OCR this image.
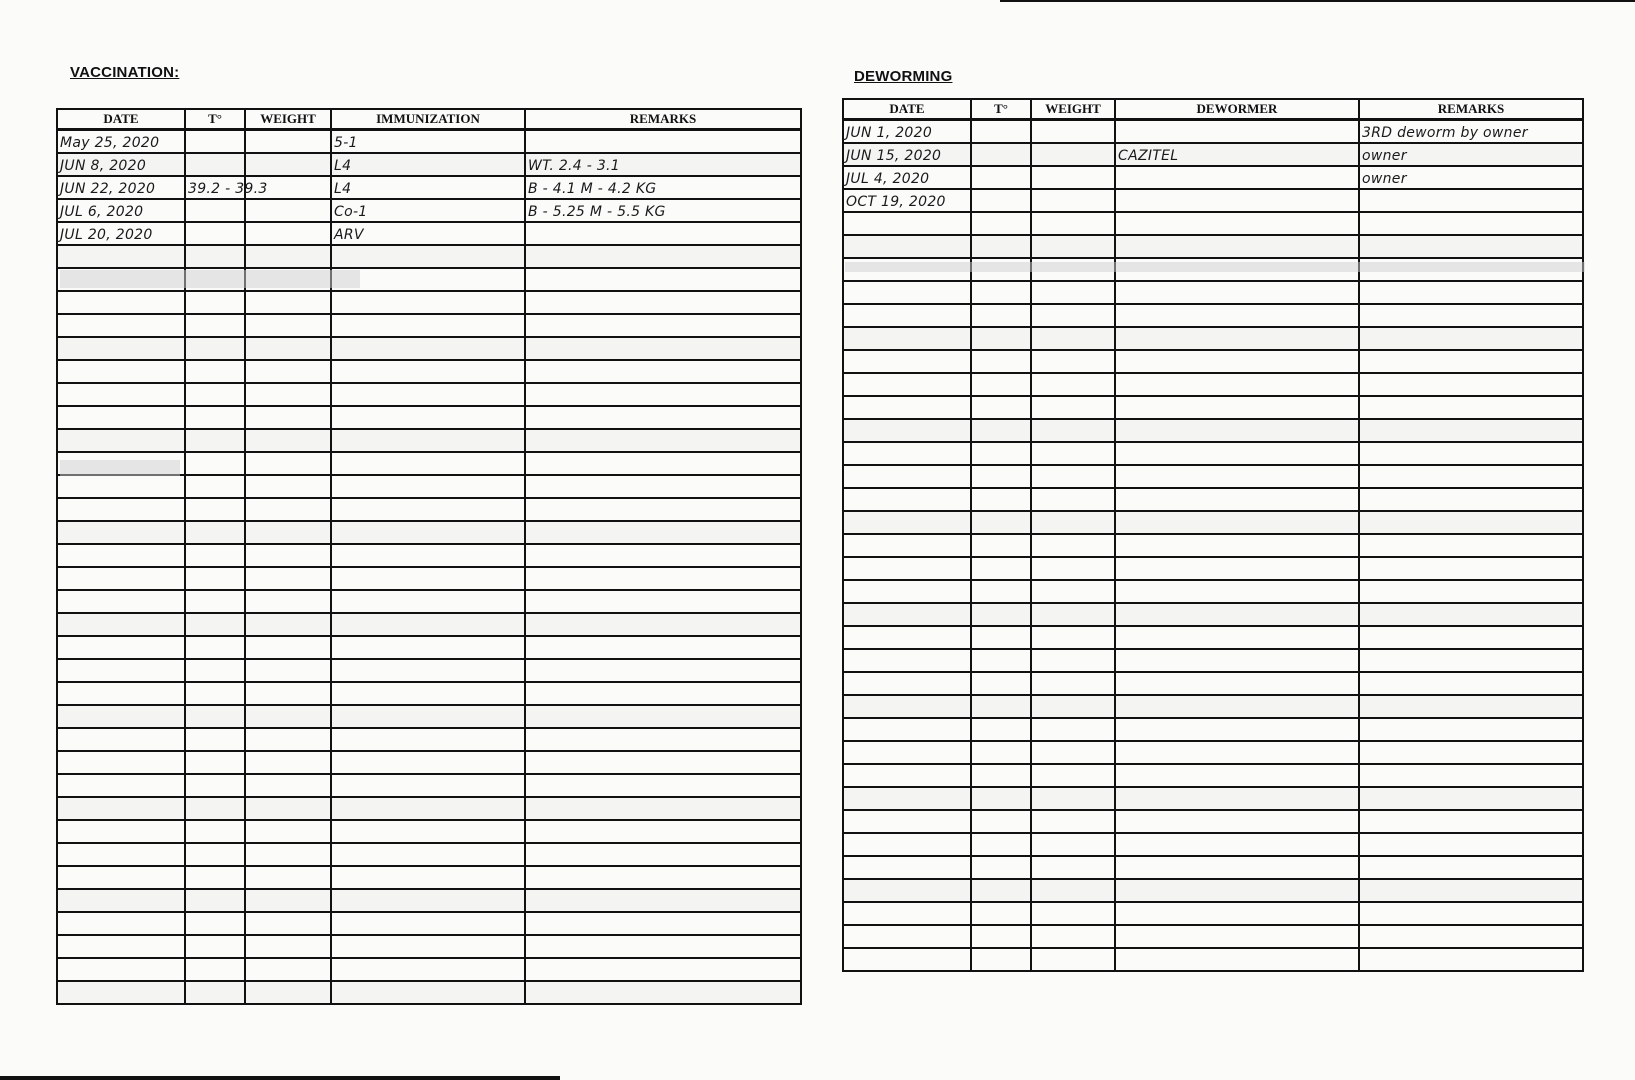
VACCINATION:
DATE	T°	WEIGHT	IMMUNIZATION	REMARKS
May 25, 2020			5-1	
JUN 8, 2020			L4	WT. 2.4 - 3.1
JUN 22, 2020	39.2 - 39.3		L4	B - 4.1 M - 4.2 KG
JUL 6, 2020			Co-1	B - 5.25 M - 5.5 KG
JUL 20, 2020			ARV	

DEWORMING
DATE	T°	WEIGHT	DEWORMER	REMARKS
JUN 1, 2020				3RD deworm by owner
JUN 15, 2020			CAZITEL	owner
JUL 4, 2020				owner
OCT 19, 2020				
